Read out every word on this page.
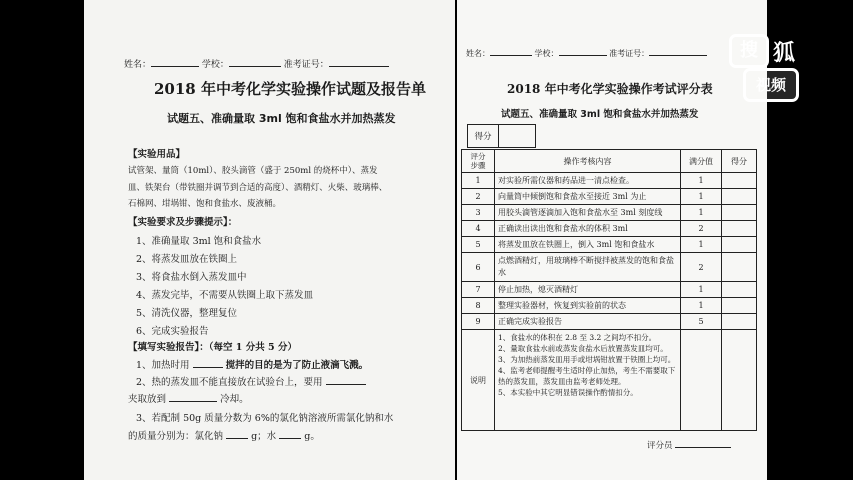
姓名：	学校：	准考证号：
2018 年中考化学实验操作试题及报告单
试题五、准确量取 3ml 饱和食盐水并加热蒸发
【实验用品】
试管架、量筒（10ml）、胶头滴管（盛于 250ml 的烧杯中）、蒸发
皿、铁架台（带铁圈并调节到合适的高度）、酒精灯、火柴、玻璃棒、
石棉网、坩埚钳、饱和食盐水、废液桶。
【实验要求及步骤提示】：
1、准确量取 3ml 饱和食盐水
2、将蒸发皿放在铁圈上
3、将食盐水倒入蒸发皿中
4、蒸发完毕，不需要从铁圈上取下蒸发皿
5、清洗仪器，整理复位
6、完成实验报告
【填写实验报告】：（每空 1 分共 5 分）
1、加热时用	搅拌的目的是为了防止液滴飞溅。
2、热的蒸发皿不能直接放在试验台上，要用
夹取放到	冷却。
3、若配制 50g 质量分数为 6%的氯化钠溶液所需氯化钠和水
的质量分别为：氯化钠	g；水	g。
姓名：	学校：	准考证号：
2018 年中考化学实验操作考试评分表
试题五、准确量取 3ml 饱和食盐水并加热蒸发
得分	
评分
步骤	操作考核内容	满分值	得分
1	对实验所需仪器和药品进一清点检查。	1	
2	向量筒中倾倒饱和食盐水至接近 3ml 为止	1	
3	用胶头滴管逐滴加入饱和食盐水至 3ml 刻度线	1	
4	正确读出读出饱和食盐水的体积 3ml	2	
5	将蒸发皿放在铁圈上，倒入 3ml 饱和食盐水	1	
6	点燃酒精灯，用玻璃棒不断搅拌被蒸发的饱和食盐水	2	
7	停止加热，熄灭酒精灯	1	
8	整理实验器材，恢复到实验前的状态	1	
9	正确完成实验报告	5	
说明	1、食盐水的体积在 2.8 至 3.2 之间均不扣分。
2、量取食盐水前或蒸发食盐水后放置蒸发皿均可。
3、为加热前蒸发皿用手或坩埚钳放置于铁圈上均可。
4、监考老师提醒考生适时停止加热，考生不需要取下热的蒸发皿，蒸发皿由监考老师处理。
5、本实验中其它明显错误操作酌情扣分。		

评分员
搜 狐
视频
